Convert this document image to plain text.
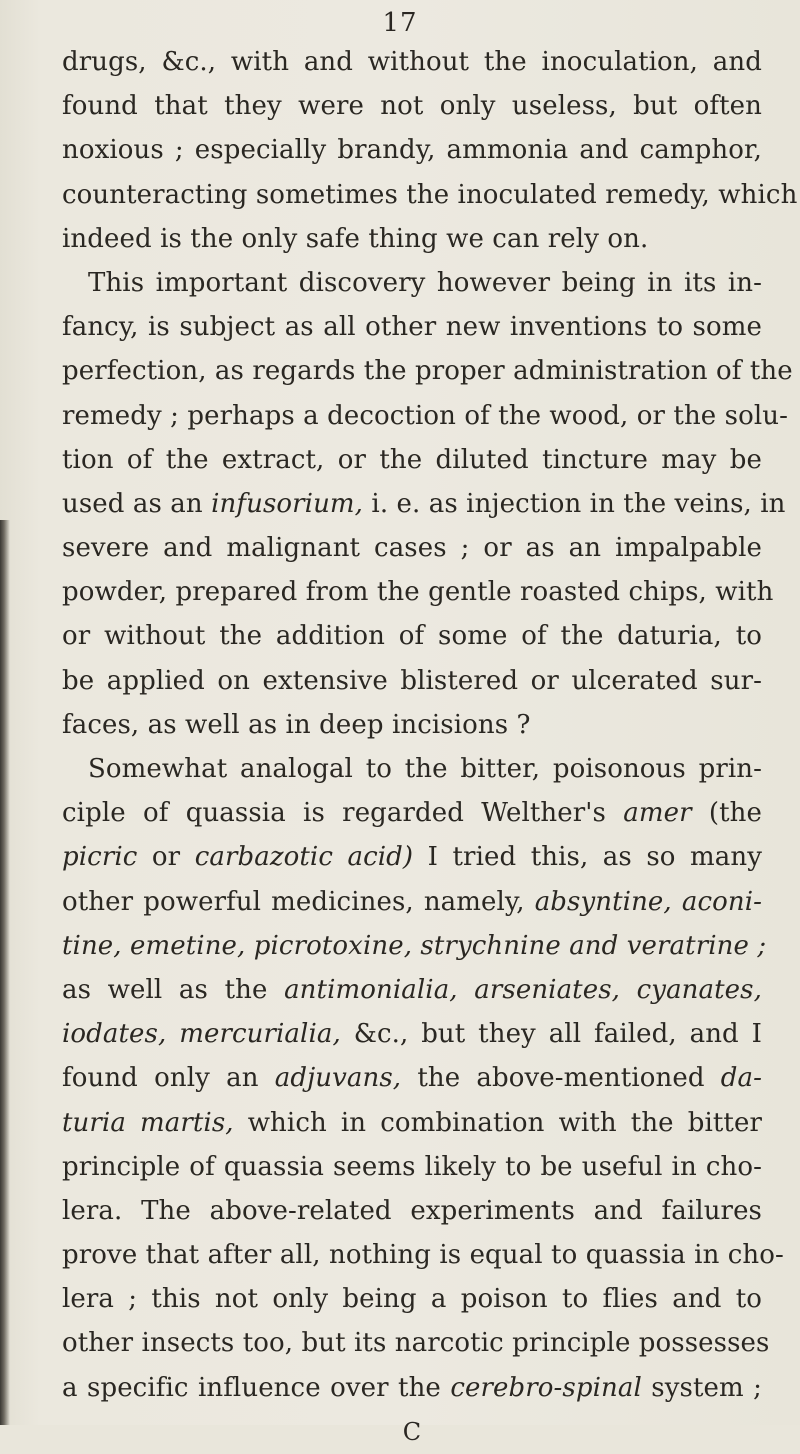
17
drugs, &c., with and without the inoculation, and
found that they were not only useless, but often
noxious ; especially brandy, ammonia and camphor,
counteracting sometimes the inoculated remedy, which
indeed is the only safe thing we can rely on.
This important discovery however being in its in-
fancy, is subject as all other new inventions to some
perfection, as regards the proper administration of the
remedy ; perhaps a decoction of the wood, or the solu-
tion of the extract, or the diluted tincture may be
used as an infusorium, i. e. as injection in the veins, in
severe and malignant cases ; or as an impalpable
powder, prepared from the gentle roasted chips, with
or without the addition of some of the daturia, to
be applied on extensive blistered or ulcerated sur-
faces, as well as in deep incisions ?
Somewhat analogal to the bitter, poisonous prin-
ciple of quassia is regarded Welther's amer (the
picric or carbazotic acid) I tried this, as so many
other powerful medicines, namely, absyntine, aconi-
tine, emetine, picrotoxine, strychnine and veratrine ;
as well as the antimonialia, arseniates, cyanates,
iodates, mercurialia, &c., but they all failed, and I
found only an adjuvans, the above-mentioned da-
turia martis, which in combination with the bitter
principle of quassia seems likely to be useful in cho-
lera. The above-related experiments and failures
prove that after all, nothing is equal to quassia in cho-
lera ; this not only being a poison to flies and to
other insects too, but its narcotic principle possesses
a specific influence over the cerebro-spinal system ;
C
